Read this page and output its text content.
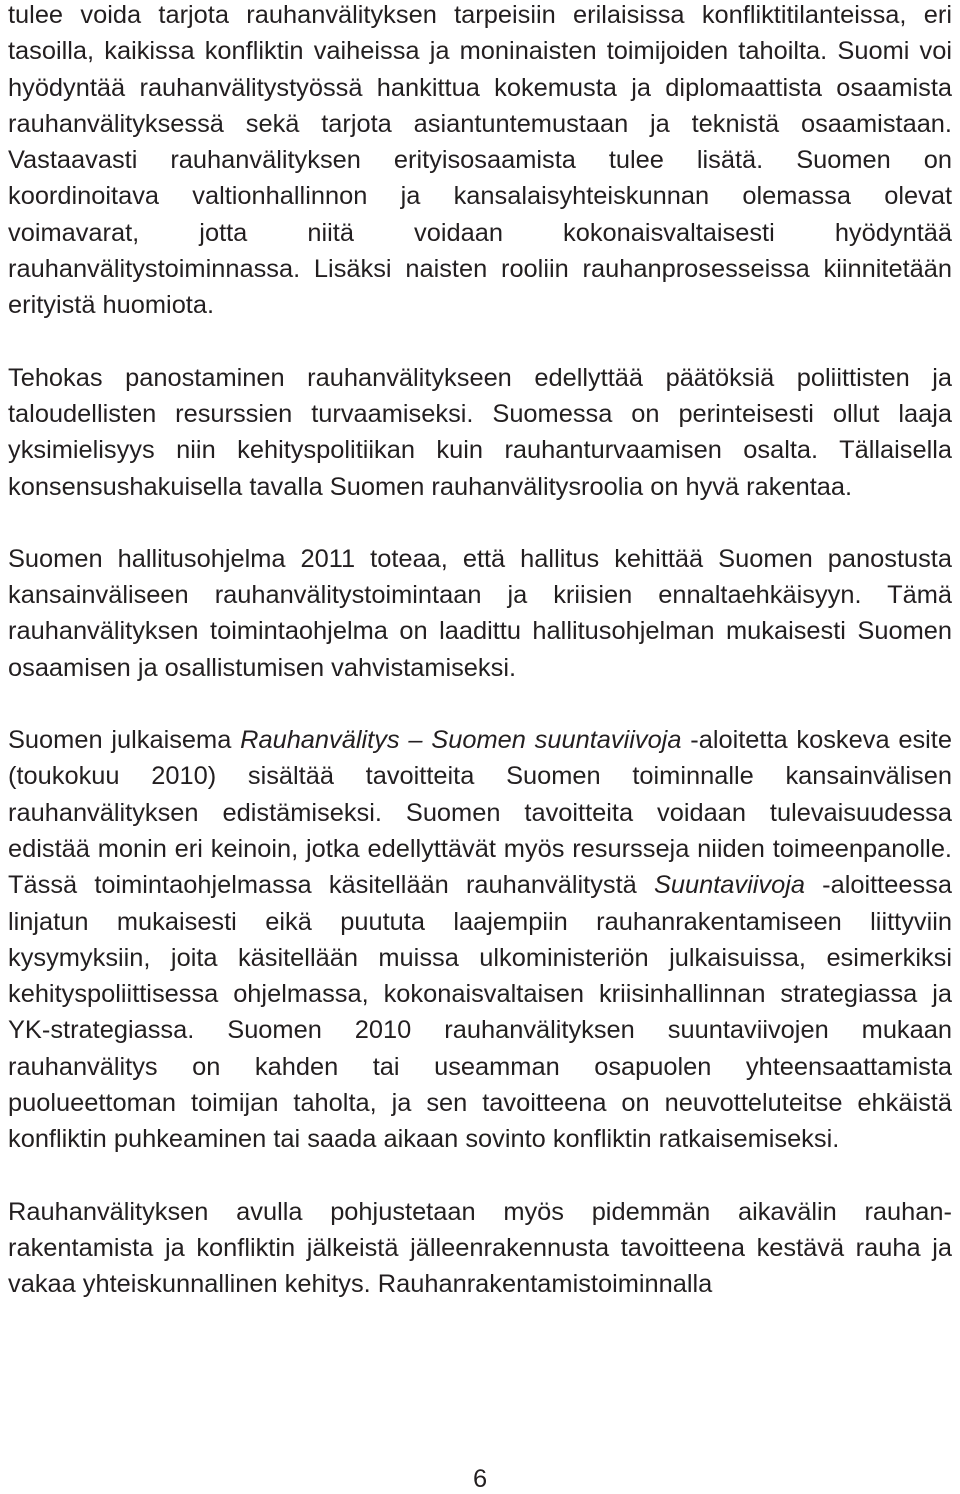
tulee voida tarjota rauhanvälityksen tarpeisiin erilaisissa konfliktitilanteissa, eri tasoilla, kaikissa konfliktin vaiheissa ja moninaisten toimijoiden tahoilta. Suomi voi hyödyntää rauhanvälitystyössä hankittua kokemusta ja diplomaattista osaamista rauhanvälityksessä sekä tarjota asiantuntemustaan ja teknistä osaamistaan. Vastaavasti rauhanvälityksen erityisosaamista tulee lisätä. Suomen on koordinoitava valtionhallinnon ja kansalaisyhteiskunnan olemassa olevat voimavarat, jotta niitä voidaan kokonaisvaltaisesti hyödyntää rauhanvälitystoiminnassa. Lisäksi naisten rooliin rauhanprosesseissa kiinnitetään erityistä huomiota.

Tehokas panostaminen rauhanvälitykseen edellyttää päätöksiä poliittisten ja taloudellisten resurssien turvaamiseksi. Suomessa on perinteisesti ollut laaja yksimielisyys niin kehityspolitiikan kuin rauhanturvaamisen osalta. Tällaisella konsensushakuisella tavalla Suomen rauhanvälitysroolia on hyvä rakentaa.

Suomen hallitusohjelma 2011 toteaa, että hallitus kehittää Suomen panostusta kansainväliseen rauhanvälitystoimintaan ja kriisien ennaltaehkäisyyn. Tämä rauhanvälityksen toimintaohjelma on laadittu hallitusohjelman mukaisesti Suomen osaamisen ja osallistumisen vahvistamiseksi.

Suomen julkaisema Rauhanvälitys – Suomen suuntaviivoja -aloitetta koskeva esite (toukokuu 2010) sisältää tavoitteita Suomen toiminnalle kansainvälisen rauhanvälityksen edistämiseksi. Suomen tavoitteita voidaan tulevaisuudessa edistää monin eri keinoin, jotka edellyttävät myös resursseja niiden toimeenpanolle. Tässä toimintaohjelmassa käsitellään rauhanvälitystä Suuntaviivoja -aloitteessa linjatun mukaisesti eikä puututa laajempiin rauhanrakentamiseen liittyviin kysymyksiin, joita käsitellään muissa ulkoministeriön julkaisuissa, esimerkiksi kehityspoliittisessa ohjelmassa, kokonaisvaltaisen kriisinhallinnan strategiassa ja YK-strategiassa. Suomen 2010 rauhanvälityksen suuntaviivojen mukaan rauhanvälitys on kahden tai useamman osapuolen yhteensaattamista puolueettoman toimijan taholta, ja sen tavoitteena on neuvotteluteitse ehkäistä konfliktin puhkeaminen tai saada aikaan sovinto konfliktin ratkaisemiseksi.

Rauhanvälityksen avulla pohjustetaan myös pidemmän aikavälin rauhanrakentamista ja konfliktin jälkeistä jälleenrakennusta tavoitteena kestävä rauha ja vakaa yhteiskunnallinen kehitys. Rauhanrakentamistoiminnalla

6
